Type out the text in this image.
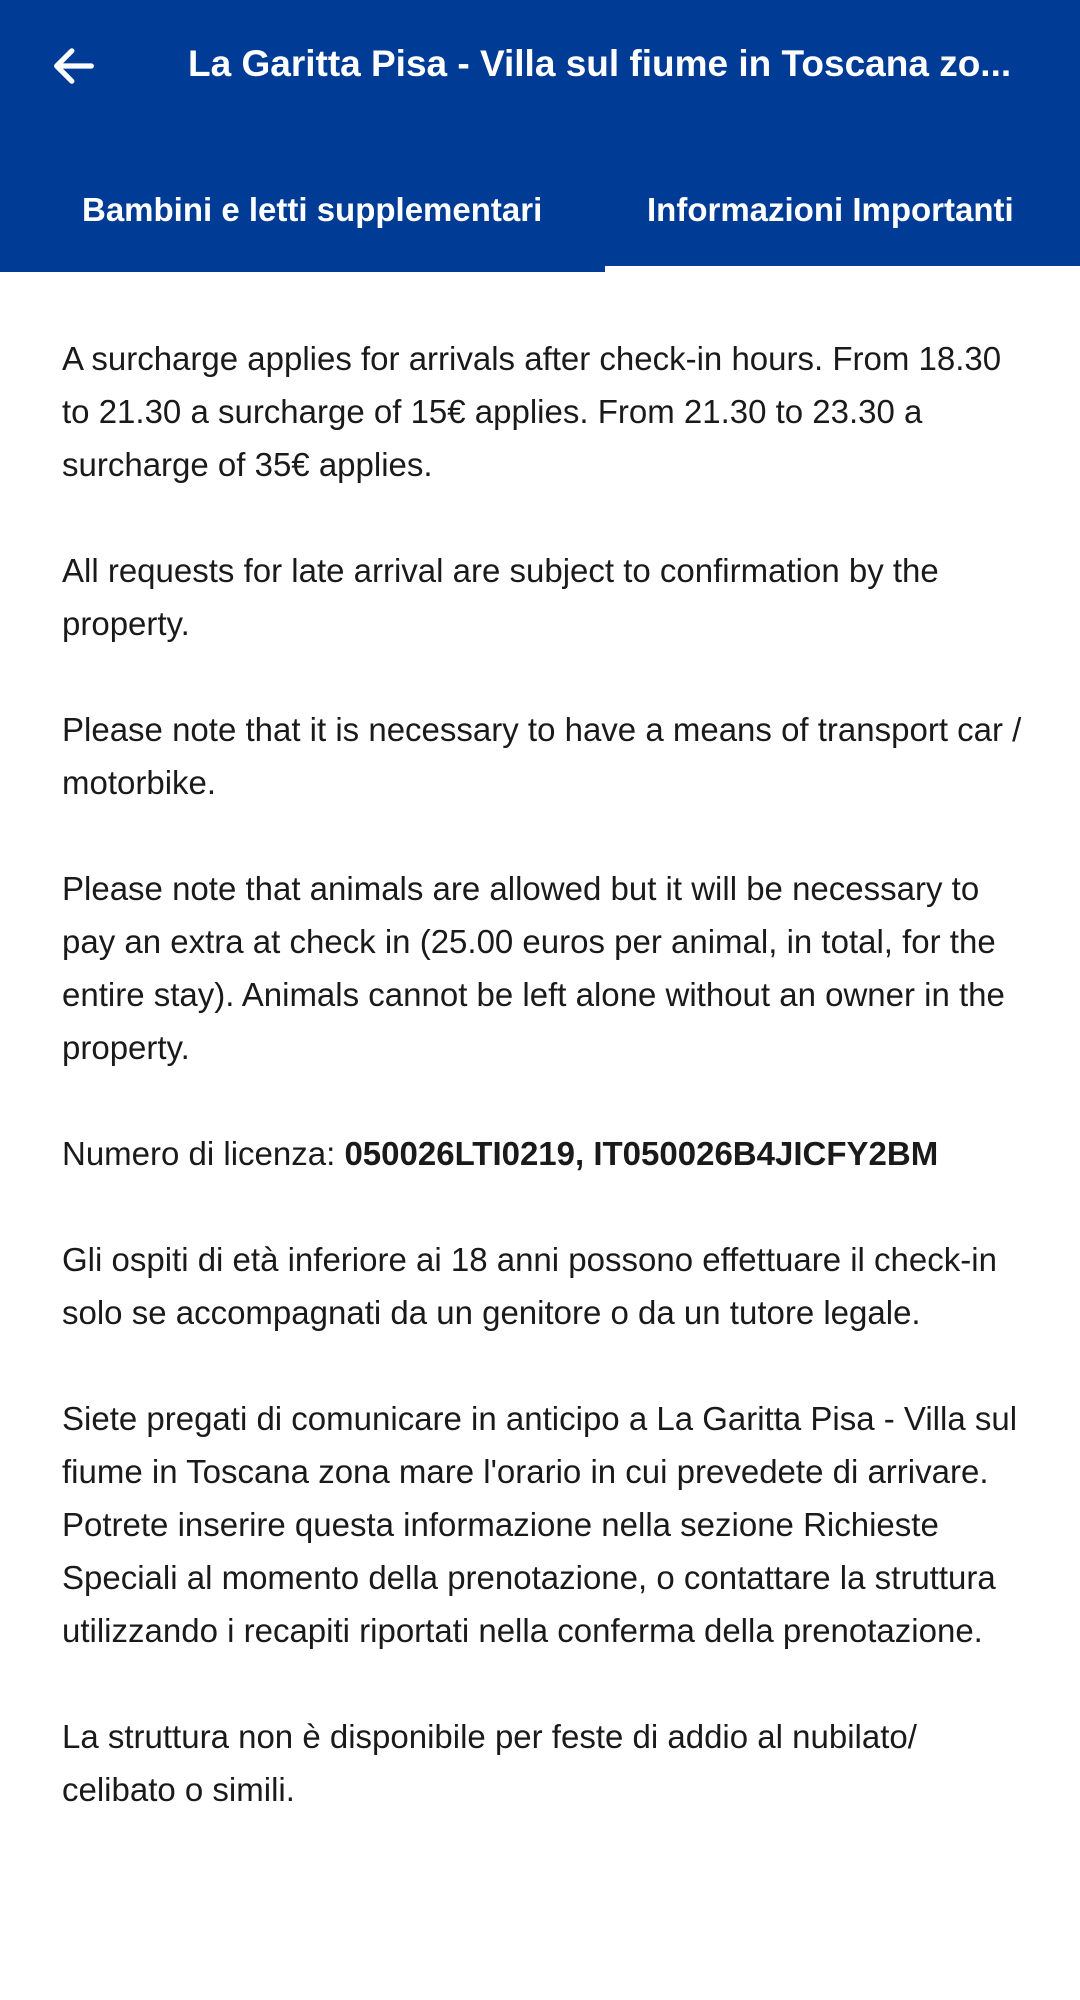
La Garitta Pisa - Villa sul fiume in Toscana zo...
Bambini e letti supplementari	Informazioni Importanti

A surcharge applies for arrivals after check-in hours. From 18.30 to 21.30 a surcharge of 15€ applies. From 21.30 to 23.30 a surcharge of 35€ applies.

All requests for late arrival are subject to confirmation by the property.

Please note that it is necessary to have a means of transport car / motorbike.

Please note that animals are allowed but it will be necessary to pay an extra at check in (25.00 euros per animal, in total, for the entire stay). Animals cannot be left alone without an owner in the property.

Numero di licenza: 050026LTI0219, IT050026B4JICFY2BM

Gli ospiti di età inferiore ai 18 anni possono effettuare il check-in solo se accompagnati da un genitore o da un tutore legale.

Siete pregati di comunicare in anticipo a La Garitta Pisa - Villa sul fiume in Toscana zona mare l'orario in cui prevedete di arrivare. Potrete inserire questa informazione nella sezione Richieste Speciali al momento della prenotazione, o contattare la struttura utilizzando i recapiti riportati nella conferma della prenotazione.

La struttura non è disponibile per feste di addio al nubilato/ celibato o simili.
